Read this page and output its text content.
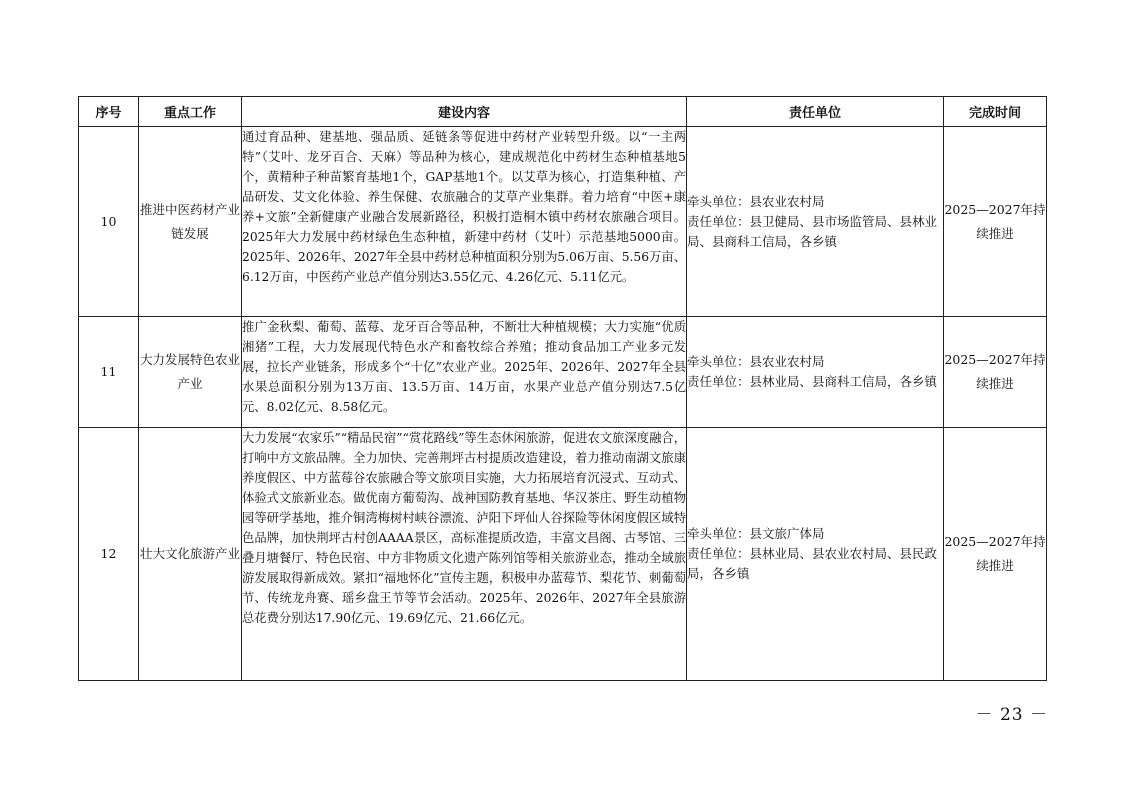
序号	重点工作	建设内容	责任单位	完成时间
10	推进中医药材产业链发展	通过育品种、建基地、强品质、延链条等促进中药材产业转型升级。以“一主两特”（艾叶、龙牙百合、天麻）等品种为核心，建成规范化中药材生态种植基地5个，黄精种子种苗繁育基地1个，GAP基地1个。以艾草为核心，打造集种植、产品研发、艾文化体验、养生保健、农旅融合的艾草产业集群。着力培育“中医+康养+文旅”全新健康产业融合发展新路径，积极打造桐木镇中药材农旅融合项目。2025年大力发展中药材绿色生态种植，新建中药材（艾叶）示范基地5000亩。2025年、2026年、2027年全县中药材总种植面积分别为5.06万亩、5.56万亩、6.12万亩，中医药产业总产值分别达3.55亿元、4.26亿元、5.11亿元。	牵头单位：县农业农村局
责任单位：县卫健局、县市场监管局、县林业局、县商科工信局，各乡镇	2025—2027年持续推进
11	大力发展特色农业产业	推广金秋梨、葡萄、蓝莓、龙牙百合等品种，不断壮大种植规模；大力实施“优质湘猪”工程，大力发展现代特色水产和畜牧综合养殖；推动食品加工产业多元发展，拉长产业链条，形成多个“十亿”农业产业。2025年、2026年、2027年全县水果总面积分别为13万亩、13.5万亩、14万亩，水果产业总产值分别达7.5亿元、8.02亿元、8.58亿元。	牵头单位：县农业农村局
责任单位：县林业局、县商科工信局，各乡镇	2025—2027年持续推进
12	壮大文化旅游产业	大力发展“农家乐”“精品民宿”“赏花路线”等生态休闲旅游，促进农文旅深度融合，打响中方文旅品牌。全力加快、完善荆坪古村提质改造建设，着力推动南湖文旅康养度假区、中方蓝莓谷农旅融合等文旅项目实施，大力拓展培育沉浸式、互动式、体验式文旅新业态。做优南方葡萄沟、战神国防教育基地、华汉茶庄、野生动植物园等研学基地，推介铜湾梅树村峡谷漂流、泸阳下坪仙人谷探险等休闲度假区域特色品牌，加快荆坪古村创AAAA景区，高标准提质改造，丰富文昌阁、古琴馆、三叠月塘餐厅、特色民宿、中方非物质文化遗产陈列馆等相关旅游业态，推动全域旅游发展取得新成效。紧扣“福地怀化”宣传主题，积极申办蓝莓节、梨花节、刺葡萄节、传统龙舟赛、瑶乡盘王节等节会活动。2025年、2026年、2027年全县旅游总花费分别达17.90亿元、19.69亿元、21.66亿元。	牵头单位：县文旅广体局
责任单位：县林业局、县农业农村局、县民政局，各乡镇	2025—2027年持续推进
－ 23 －
